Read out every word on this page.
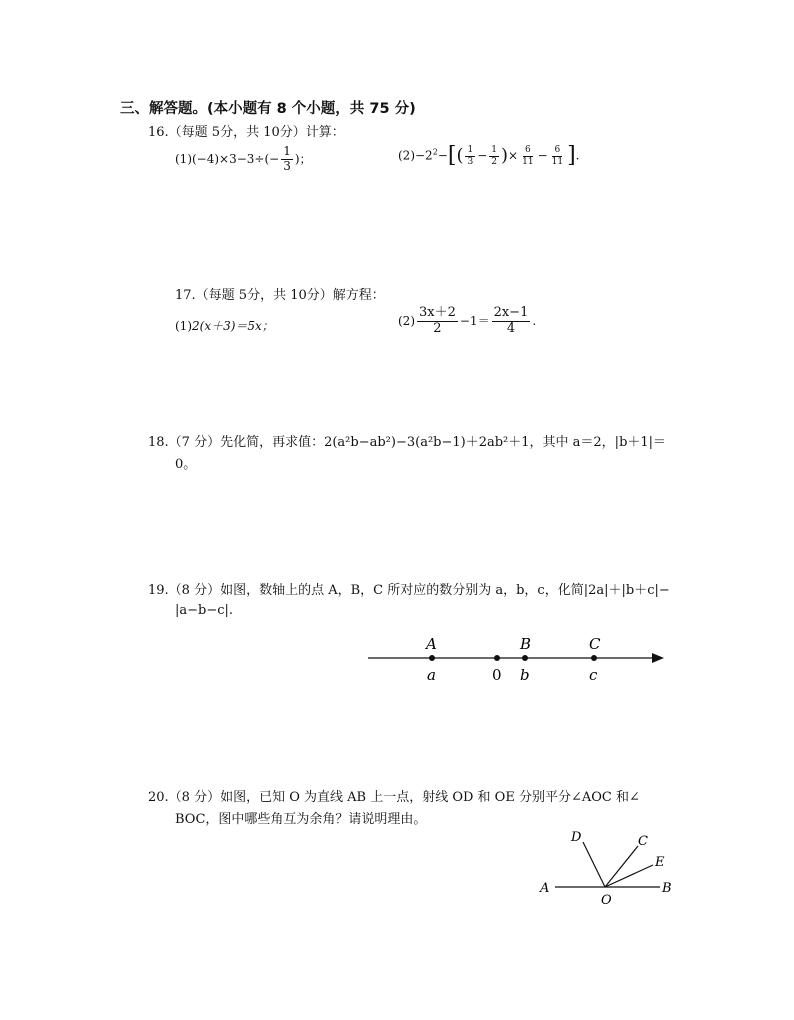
三、解答题。(本小题有 8 个小题，共 75 分)
16.（每题 5分，共 10分）计算：
$(1)(-4)\times 3-3\div(- \frac{1}{3}$ )；	$(2)-2^2-[( \frac{1}{3} - \frac{1}{2}$ )× $\frac{6}{11} - \frac{6}{11}$ ].
17.（每题 5分，共 10分）解方程：
(1)2(x＋3)＝5x；	$(2) \frac{3x+2}{2} -1= \frac{2x-1}{4}$ .
18.（7 分）先化简，再求值：2(a²b−ab²)−3(a²b−1)＋2ab²＋1，其中 a＝2，|b＋1|＝
0。
19.（8 分）如图，数轴上的点 A，B，C 所对应的数分别为 a，b，c，化简|2a|＋|b＋c|−
|a−b−c|.
A	B	C
a	0 b	c
20.（8 分）如图，已知 O 为直线 AB 上一点，射线 OD 和 OE 分别平分∠AOC 和∠
BOC，图中哪些角互为余角？请说明理由。
D	C
E
A
O
B
